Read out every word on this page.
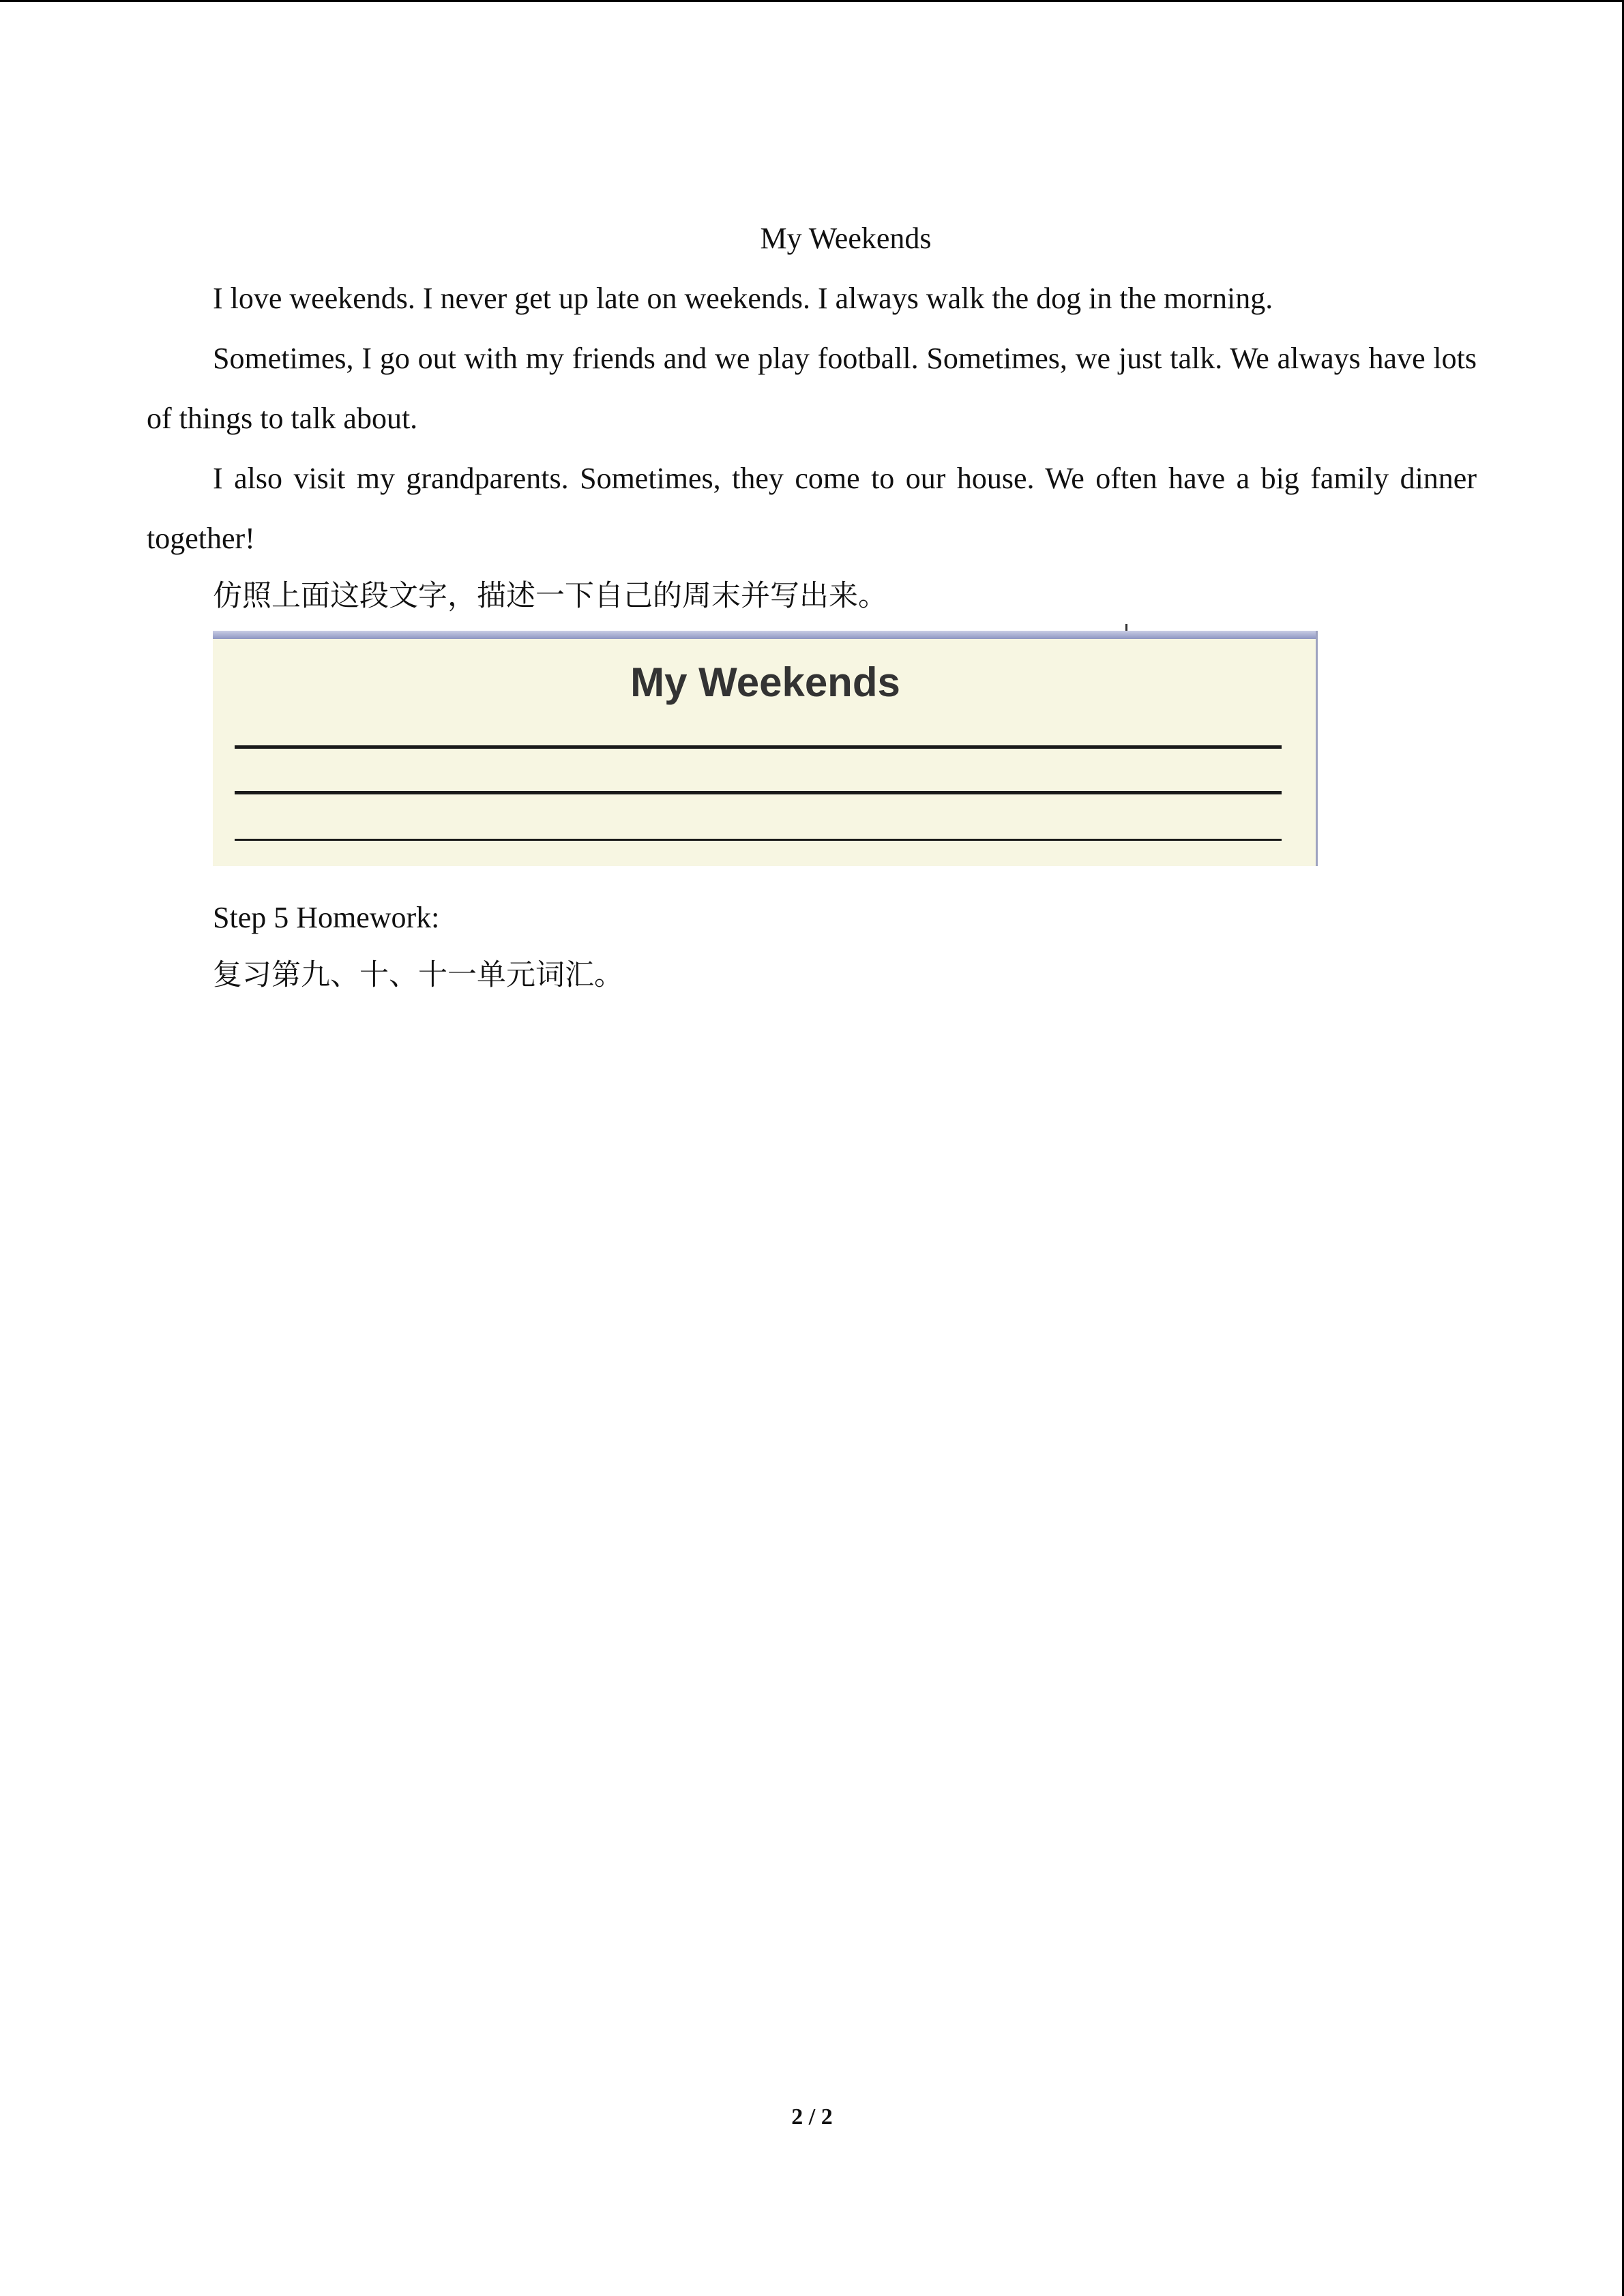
My Weekends
I love weekends. I never get up late on weekends. I always walk the dog in the morning.
Sometimes, I go out with my friends and we play football. Sometimes, we just talk. We always have lots of things to talk about.
I also visit my grandparents. Sometimes, they come to our house. We often have a big family dinner together!
仿照上面这段文字，描述一下自己的周末并写出来。
My Weekends
Step 5 Homework:
复习第九、十、十一单元词汇。
2 / 2
